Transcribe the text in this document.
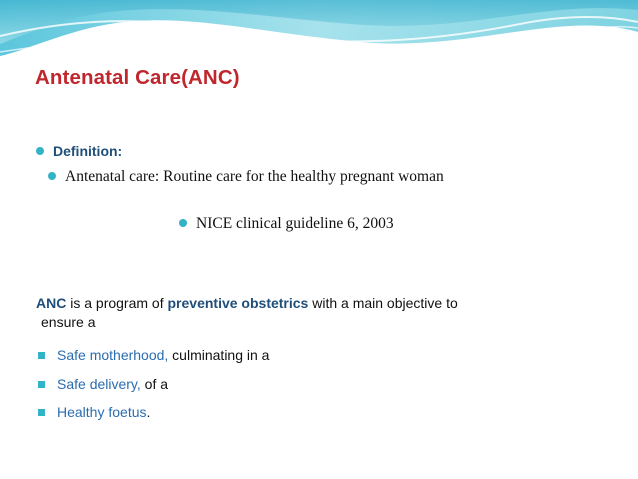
Antenatal Care(ANC)
Definition:
Antenatal care: Routine care for the healthy pregnant woman
NICE clinical guideline 6, 2003

ANC is a program of preventive obstetrics with a main objective to
ensure a

Safe motherhood, culminating in a
Safe delivery, of a
Healthy foetus .
